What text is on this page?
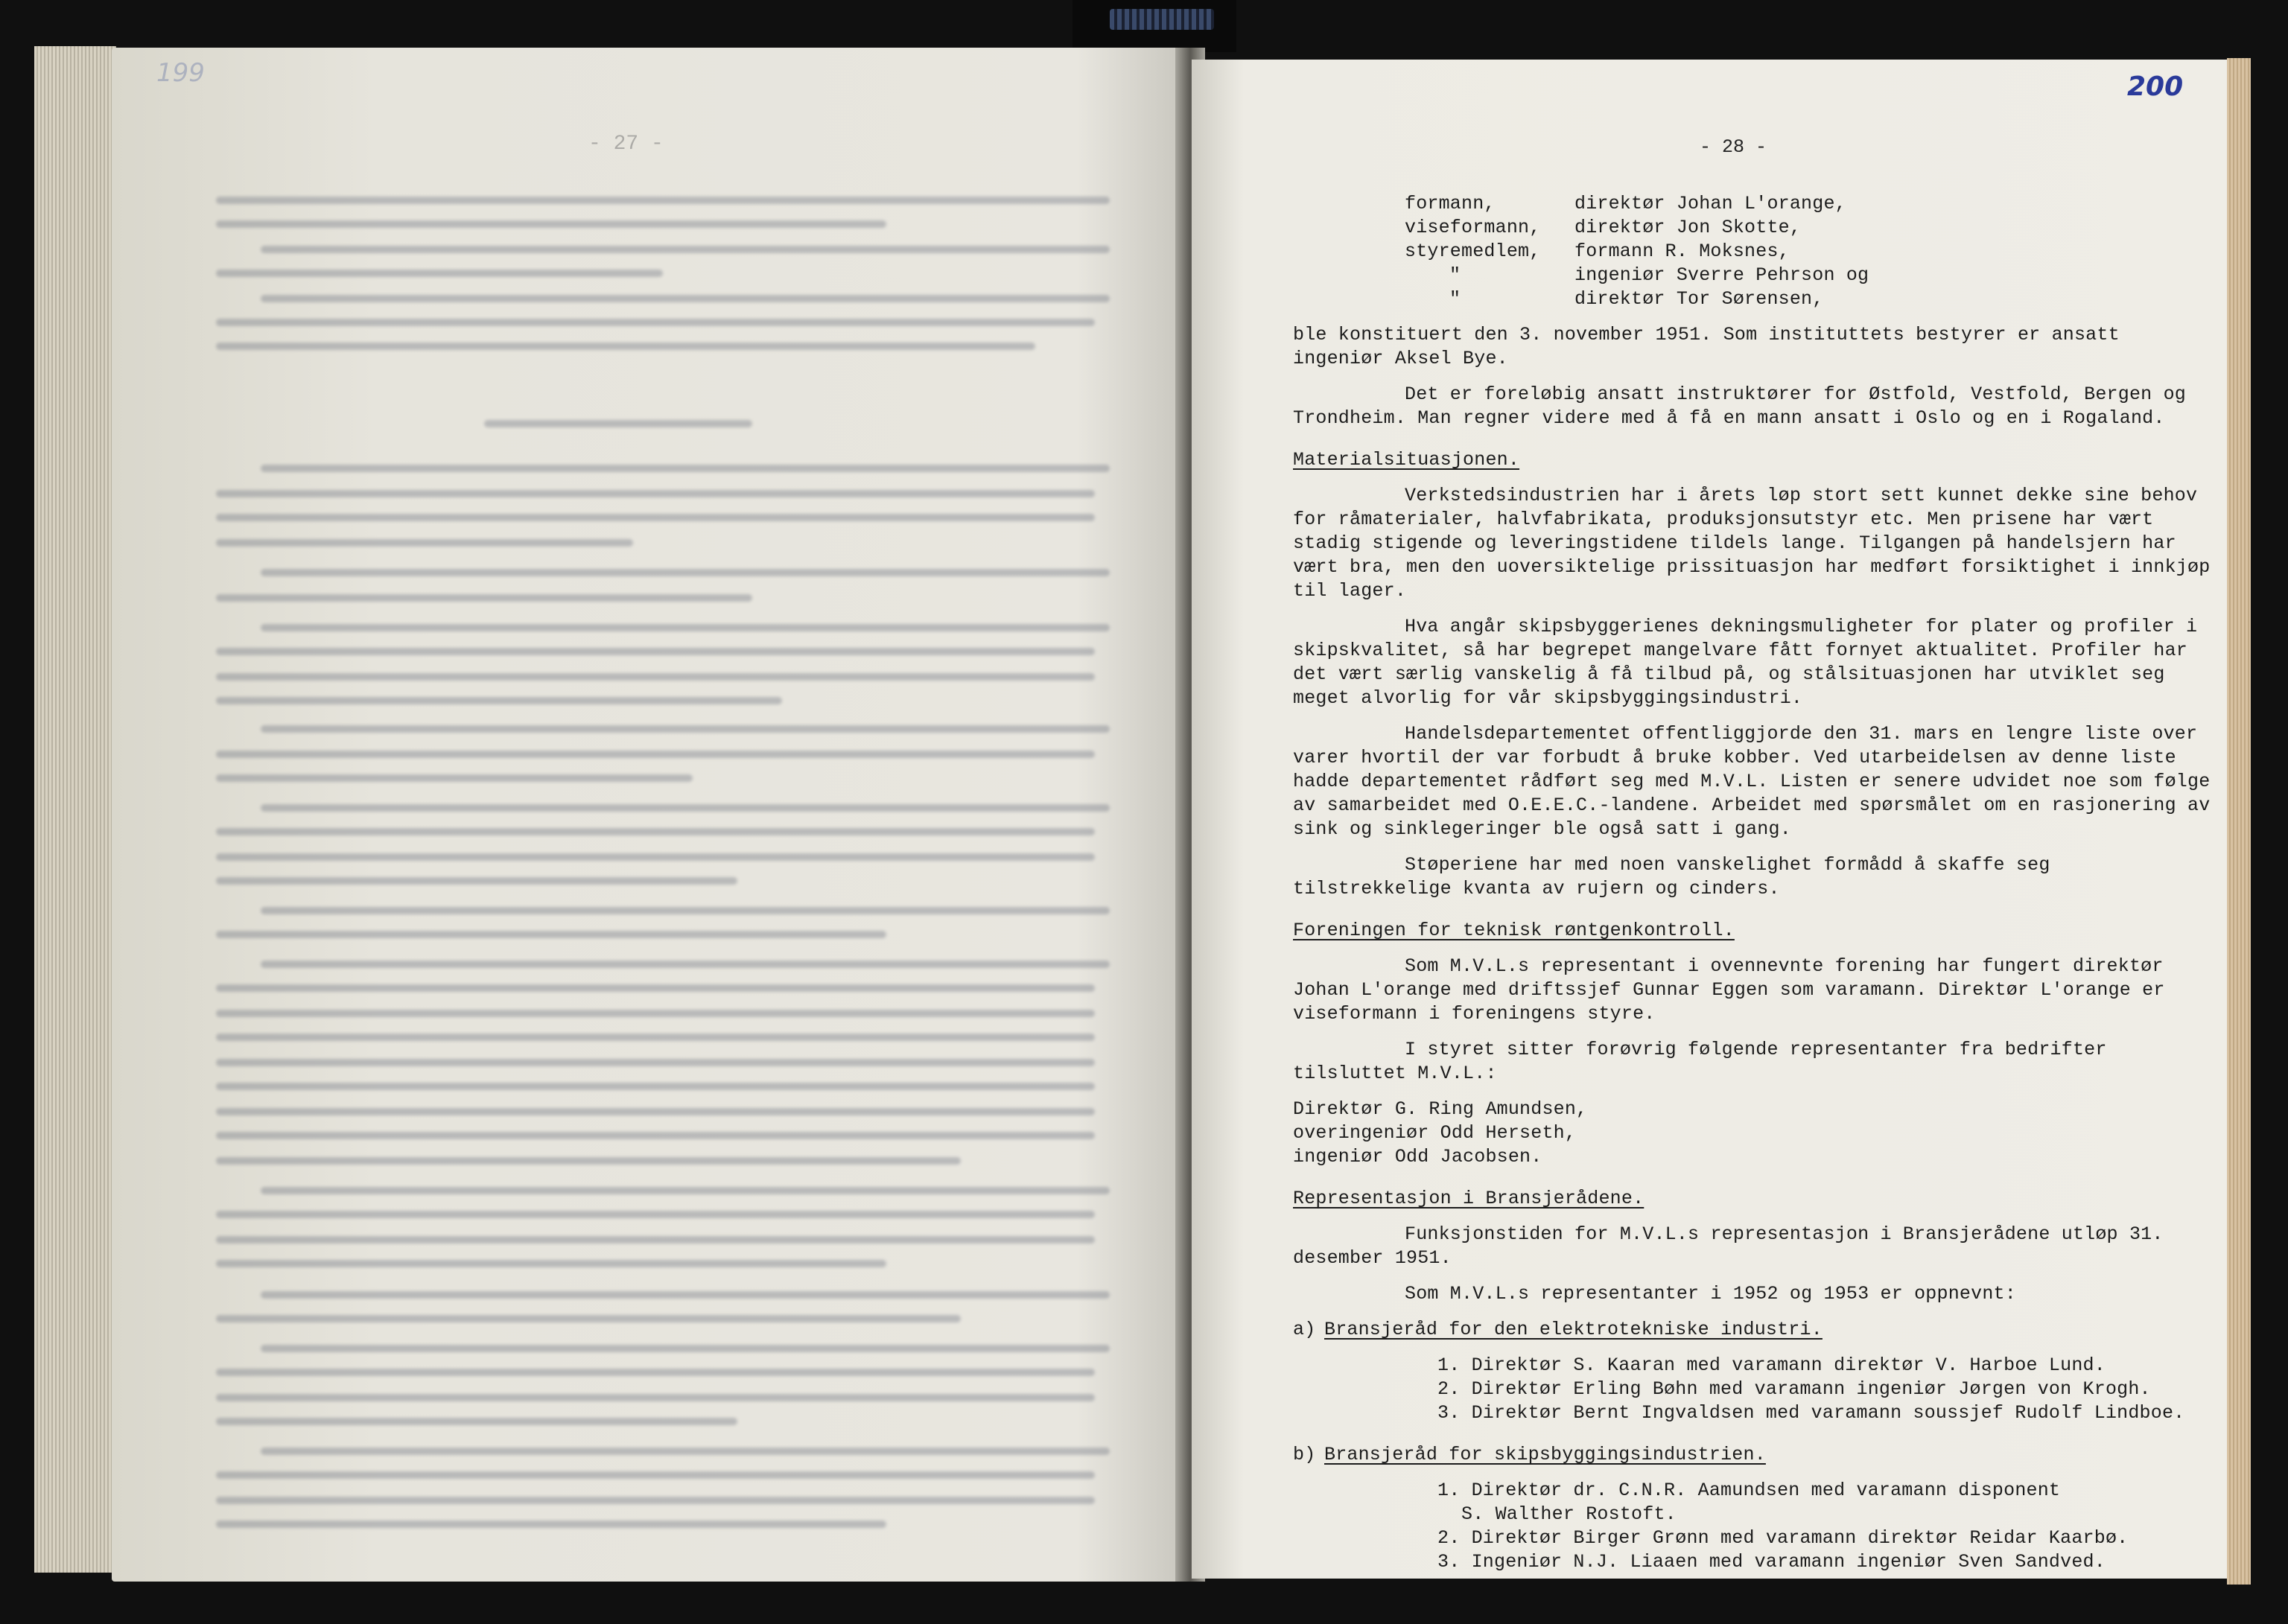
199
- 27 -
200
- 28 -
formann,	direktør Johan L'orange,
viseformann,	direktør Jon Skotte,
styremedlem,	formann R. Moksnes,
"	ingeniør Sverre Pehrson og
"	direktør Tor Sørensen,

ble konstituert den 3. november 1951. Som instituttets bestyrer er ansatt ingeniør Aksel Bye.

Det er foreløbig ansatt instruktører for Østfold, Vestfold, Bergen og Trondheim. Man regner videre med å få en mann ansatt i Oslo og en i Rogaland.

Materialsituasjonen.

Verkstedsindustrien har i årets løp stort sett kunnet dekke sine behov for råmaterialer, halvfabrikata, produksjonsutstyr etc. Men prisene har vært stadig stigende og leveringstidene tildels lange. Tilgangen på handelsjern har vært bra, men den uoversiktelige prissituasjon har medført forsiktighet i innkjøp til lager.

Hva angår skipsbyggerienes dekningsmuligheter for plater og profiler i skipskvalitet, så har begrepet mangelvare fått fornyet aktualitet. Profiler har det vært særlig vanskelig å få tilbud på, og stålsituasjonen har utviklet seg meget alvorlig for vår skipsbyggingsindustri.

Handelsdepartementet offentliggjorde den 31. mars en lengre liste over varer hvortil der var forbudt å bruke kobber. Ved utarbeidelsen av denne liste hadde departementet rådført seg med M.V.L. Listen er senere udvidet noe som følge av samarbeidet med O.E.E.C.-landene. Arbeidet med spørsmålet om en rasjonering av sink og sinklegeringer ble også satt i gang.

Støperiene har med noen vanskelighet formådd å skaffe seg tilstrekkelige kvanta av rujern og cinders.

Foreningen for teknisk røntgenkontroll.

Som M.V.L.s representant i ovennevnte forening har fungert direktør Johan L'orange med driftssjef Gunnar Eggen som varamann. Direktør L'orange er viseformann i foreningens styre.

I styret sitter forøvrig følgende representanter fra bedrifter tilsluttet M.V.L.:

Direktør G. Ring Amundsen,

overingeniør Odd Herseth,

ingeniør Odd Jacobsen.

Representasjon i Bransjerådene.

Funksjonstiden for M.V.L.s representasjon i Bransjerådene utløp 31. desember 1951.

Som M.V.L.s representanter i 1952 og 1953 er oppnevnt:

a) Bransjeråd for den elektrotekniske industri.

1. Direktør S. Kaaran med varamann direktør V. Harboe Lund.
2. Direktør Erling Bøhn med varamann ingeniør Jørgen von Krogh.
3. Direktør Bernt Ingvaldsen med varamann soussjef Rudolf Lindboe.

b) Bransjeråd for skipsbyggingsindustrien.

1. Direktør dr. C.N.R. Aamundsen med varamann disponent
S. Walther Rostoft.
2. Direktør Birger Grønn med varamann direktør Reidar Kaarbø.
3. Ingeniør N.J. Liaaen med varamann ingeniør Sven Sandved.
